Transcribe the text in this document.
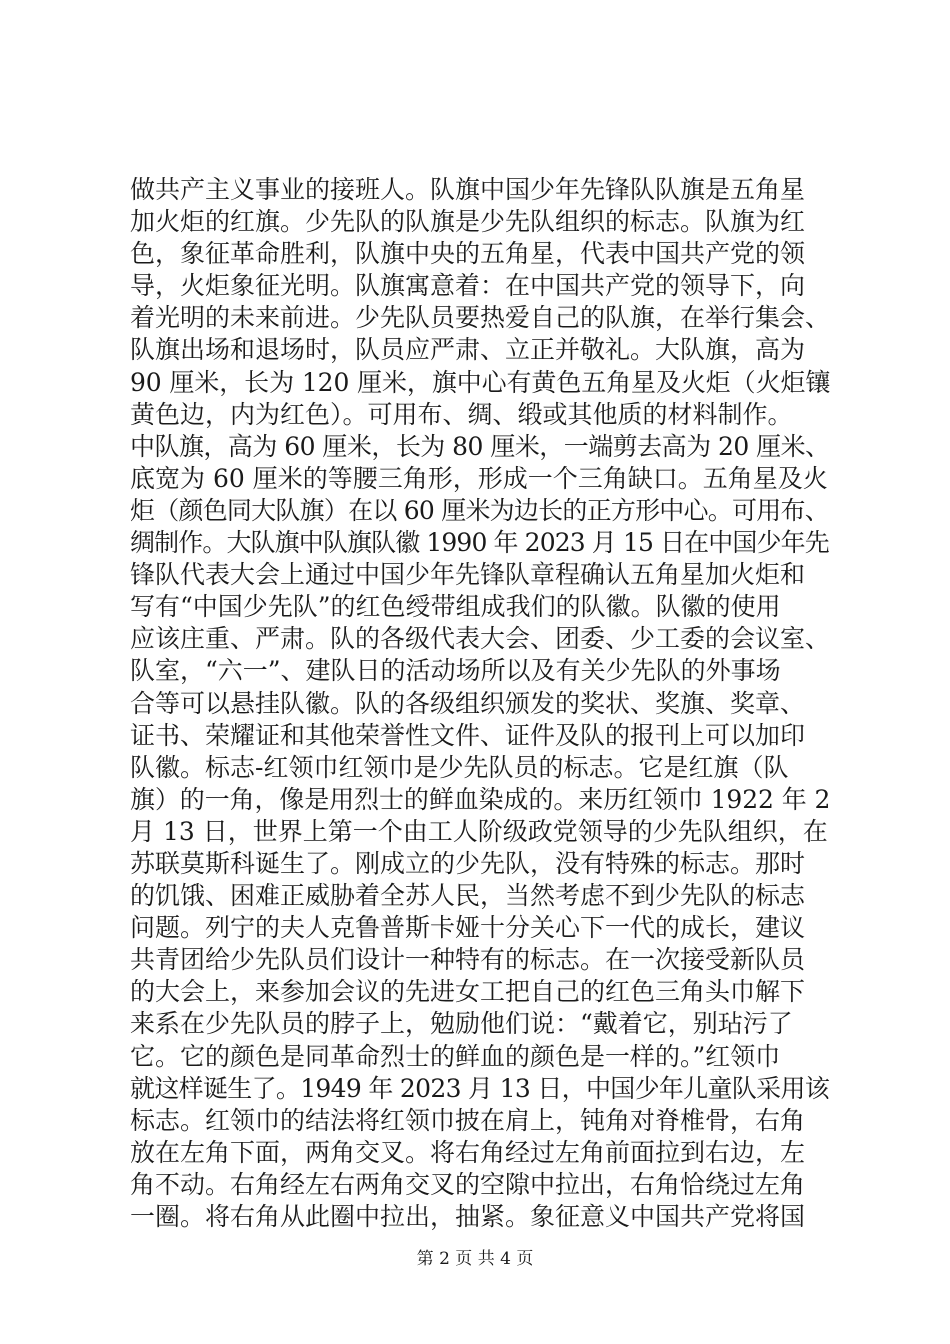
做共产主义事业的接班人。队旗中国少年先锋队队旗是五角星
加火炬的红旗。少先队的队旗是少先队组织的标志。队旗为红
色，象征革命胜利，队旗中央的五角星，代表中国共产党的领
导，火炬象征光明。队旗寓意着：在中国共产党的领导下，向
着光明的未来前进。少先队员要热爱自己的队旗，在举行集会、
队旗出场和退场时，队员应严肃、立正并敬礼。大队旗，高为
90 厘米，长为 120 厘米，旗中心有黄色五角星及火炬（火炬镶
黄色边，内为红色）。可用布、绸、缎或其他质的材料制作。
中队旗，高为 60 厘米，长为 80 厘米，一端剪去高为 20 厘米、
底宽为 60 厘米的等腰三角形，形成一个三角缺口。五角星及火
炬（颜色同大队旗）在以 60 厘米为边长的正方形中心。可用布、
绸制作。大队旗中队旗队徽 1990 年 2023 月 15 日在中国少年先
锋队代表大会上通过中国少年先锋队章程确认五角星加火炬和
写有“中国少先队”的红色绶带组成我们的队徽。队徽的使用
应该庄重、严肃。队的各级代表大会、团委、少工委的会议室、
队室，“六一”、建队日的活动场所以及有关少先队的外事场
合等可以悬挂队徽。队的各级组织颁发的奖状、奖旗、奖章、
证书、荣耀证和其他荣誉性文件、证件及队的报刊上可以加印
队徽。标志-红领巾红领巾是少先队员的标志。它是红旗（队
旗）的一角，像是用烈士的鲜血染成的。来历红领巾 1922 年 2
月 13 日，世界上第一个由工人阶级政党领导的少先队组织，在
苏联莫斯科诞生了。刚成立的少先队，没有特殊的标志。那时
的饥饿、困难正威胁着全苏人民，当然考虑不到少先队的标志
问题。列宁的夫人克鲁普斯卡娅十分关心下一代的成长，建议
共青团给少先队员们设计一种特有的标志。在一次接受新队员
的大会上，来参加会议的先进女工把自己的红色三角头巾解下
来系在少先队员的脖子上，勉励他们说：“戴着它，别玷污了
它。它的颜色是同革命烈士的鲜血的颜色是一样的。”红领巾
就这样诞生了。1949 年 2023 月 13 日，中国少年儿童队采用该
标志。红领巾的结法将红领巾披在肩上，钝角对脊椎骨，右角
放在左角下面，两角交叉。将右角经过左角前面拉到右边，左
角不动。右角经左右两角交叉的空隙中拉出，右角恰绕过左角
一圈。将右角从此圈中拉出，抽紧。象征意义中国共产党将国
第 2 页 共 4 页
